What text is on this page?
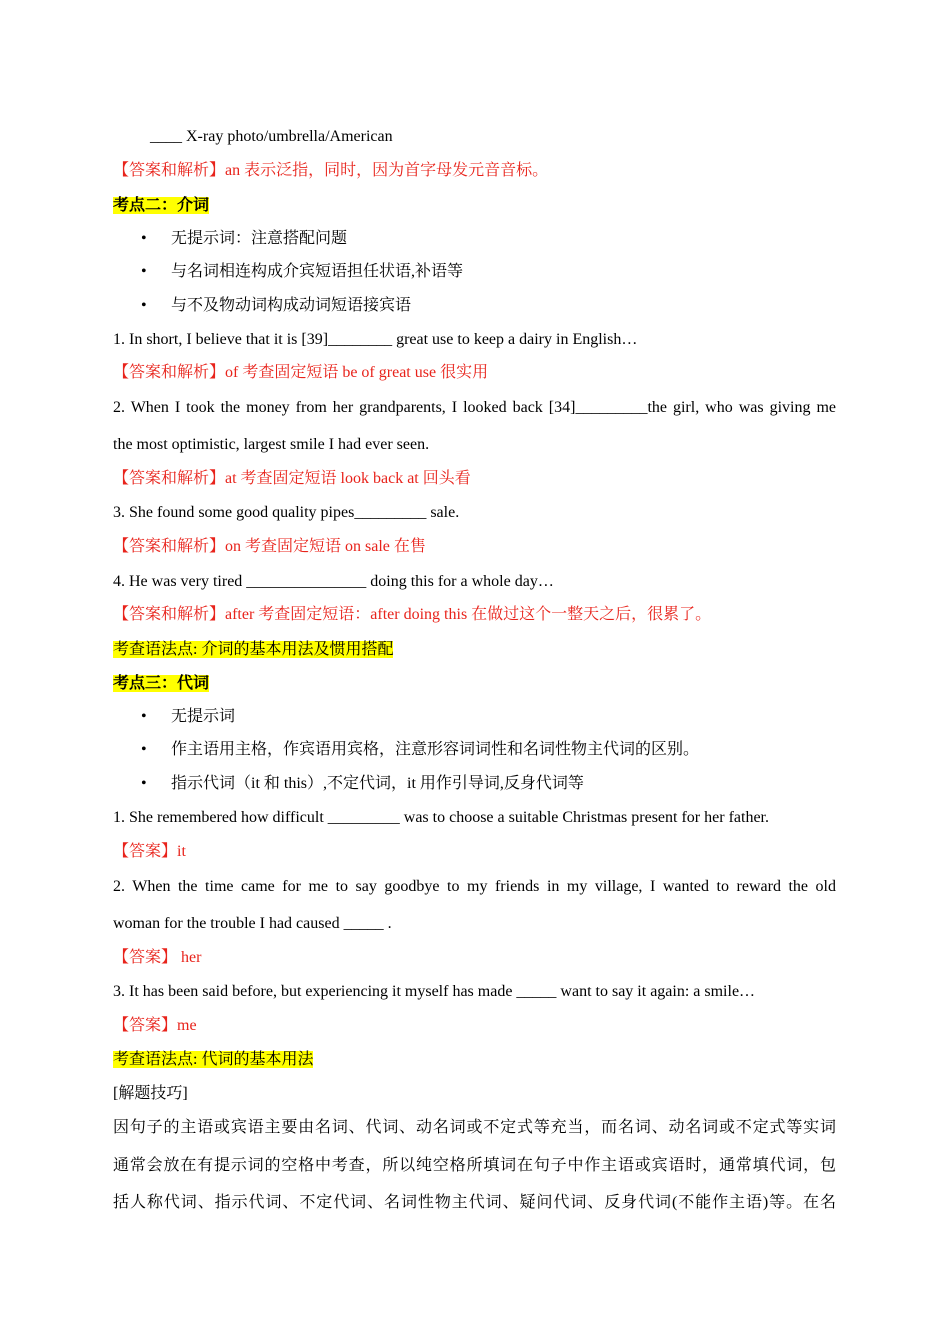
____ X-ray photo/umbrella/American
【答案和解析】an 表示泛指，同时，因为首字母发元音音标。
考点二：介词
• 无提示词：注意搭配问题
• 与名词相连构成介宾短语担任状语,补语等
• 与不及物动词构成动词短语接宾语
1. In short, I believe that it is [39]________ great use to keep a dairy in English…
【答案和解析】of 考查固定短语 be of great use 很实用
2. When I took the money from her grandparents, I looked back [34]_________the girl, who was giving me
the most optimistic, largest smile I had ever seen.
【答案和解析】at 考查固定短语 look back at 回头看
3. She found some good quality pipes_________ sale.
【答案和解析】on 考查固定短语 on sale 在售
4. He was very tired _______________ doing this for a whole day…
【答案和解析】after 考查固定短语：after doing this 在做过这个一整天之后，很累了。
考查语法点: 介词的基本用法及惯用搭配
考点三：代词
• 无提示词
• 作主语用主格，作宾语用宾格，注意形容词词性和名词性物主代词的区别。
• 指示代词（it 和 this）,不定代词，it 用作引导词,反身代词等
1. She remembered how difficult _________ was to choose a suitable Christmas present for her father.
【答案】it
2. When the time came for me to say goodbye to my friends in my village, I wanted to reward the old
woman for the trouble I had caused _____ .
【答案】 her
3. It has been said before, but experiencing it myself has made _____ want to say it again: a smile…
【答案】me
考查语法点: 代词的基本用法
[解题技巧]
因句子的主语或宾语主要由名词、代词、动名词或不定式等充当，而名词、动名词或不定式等实词
通常会放在有提示词的空格中考查，所以纯空格所填词在句子中作主语或宾语时，通常填代词，包
括人称代词、指示代词、不定代词、名词性物主代词、疑问代词、反身代词(不能作主语)等。在名
